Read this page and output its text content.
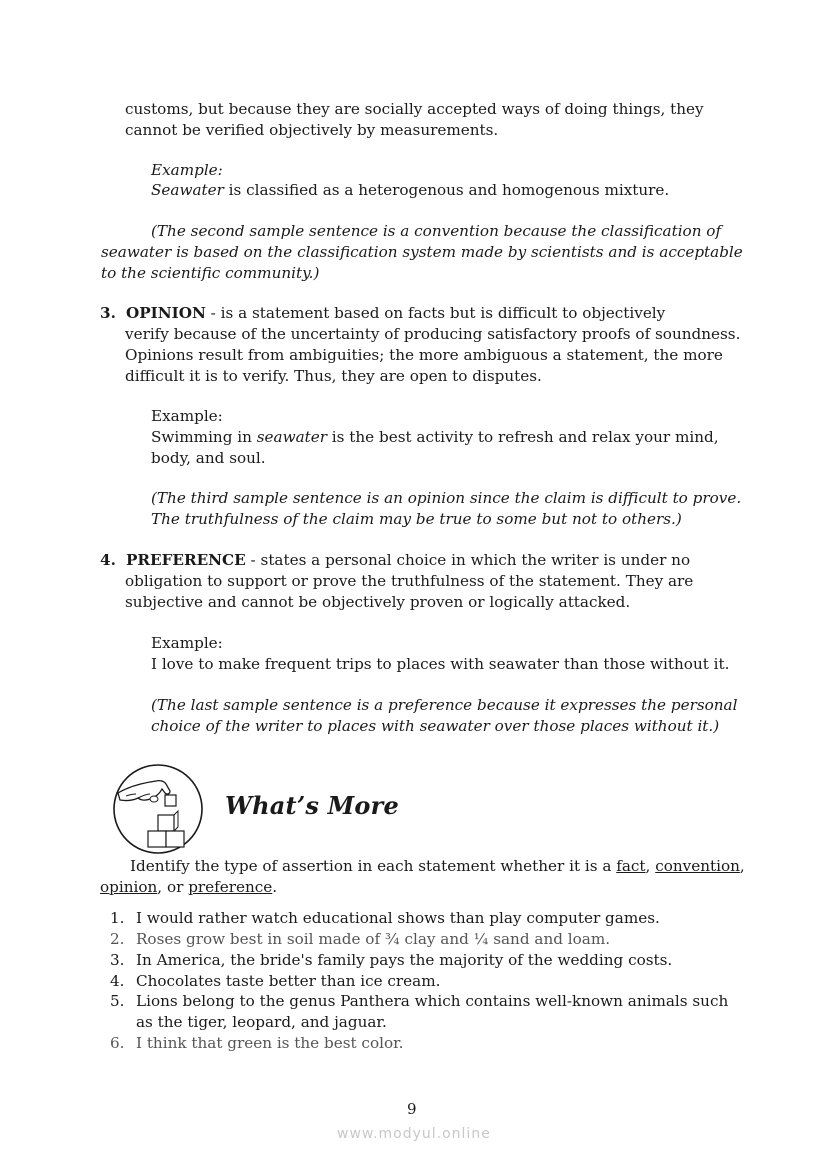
customs, but because they are socially accepted ways of doing things, they

cannot be verified objectively by measurements.

Example:

Seawater is classified as a heterogenous and homogenous mixture.

(The second sample sentence is a convention because the classification of

seawater is based on the classification system made by scientists and is acceptable

to the scientific community.)

3. OPINION - is a statement based on facts but is difficult to objectively

verify because of the uncertainty of producing satisfactory proofs of soundness.

Opinions result from ambiguities; the more ambiguous a statement, the more

difficult it is to verify. Thus, they are open to disputes.

Example:

Swimming in seawater is the best activity to refresh and relax your mind,

body, and soul.

(The third sample sentence is an opinion since the claim is difficult to prove.

The truthfulness of the claim may be true to some but not to others.)

4. PREFERENCE - states a personal choice in which the writer is under no

obligation to support or prove the truthfulness of the statement. They are

subjective and cannot be objectively proven or logically attacked.

Example:

I love to make frequent trips to places with seawater than those without it.

(The last sample sentence is a preference because it expresses the personal

choice of the writer to places with seawater over those places without it.)

What’s More

Identify the type of assertion in each statement whether it is a fact, convention,

opinion, or preference.

1. I would rather watch educational shows than play computer games.

2. Roses grow best in soil made of ¾ clay and ¼ sand and loam.

3. In America, the bride's family pays the majority of the wedding costs.

4. Chocolates taste better than ice cream.

5. Lions belong to the genus Panthera which contains well-known animals such

as the tiger, leopard, and jaguar.

6. I think that green is the best color.

9

www.modyul.online
